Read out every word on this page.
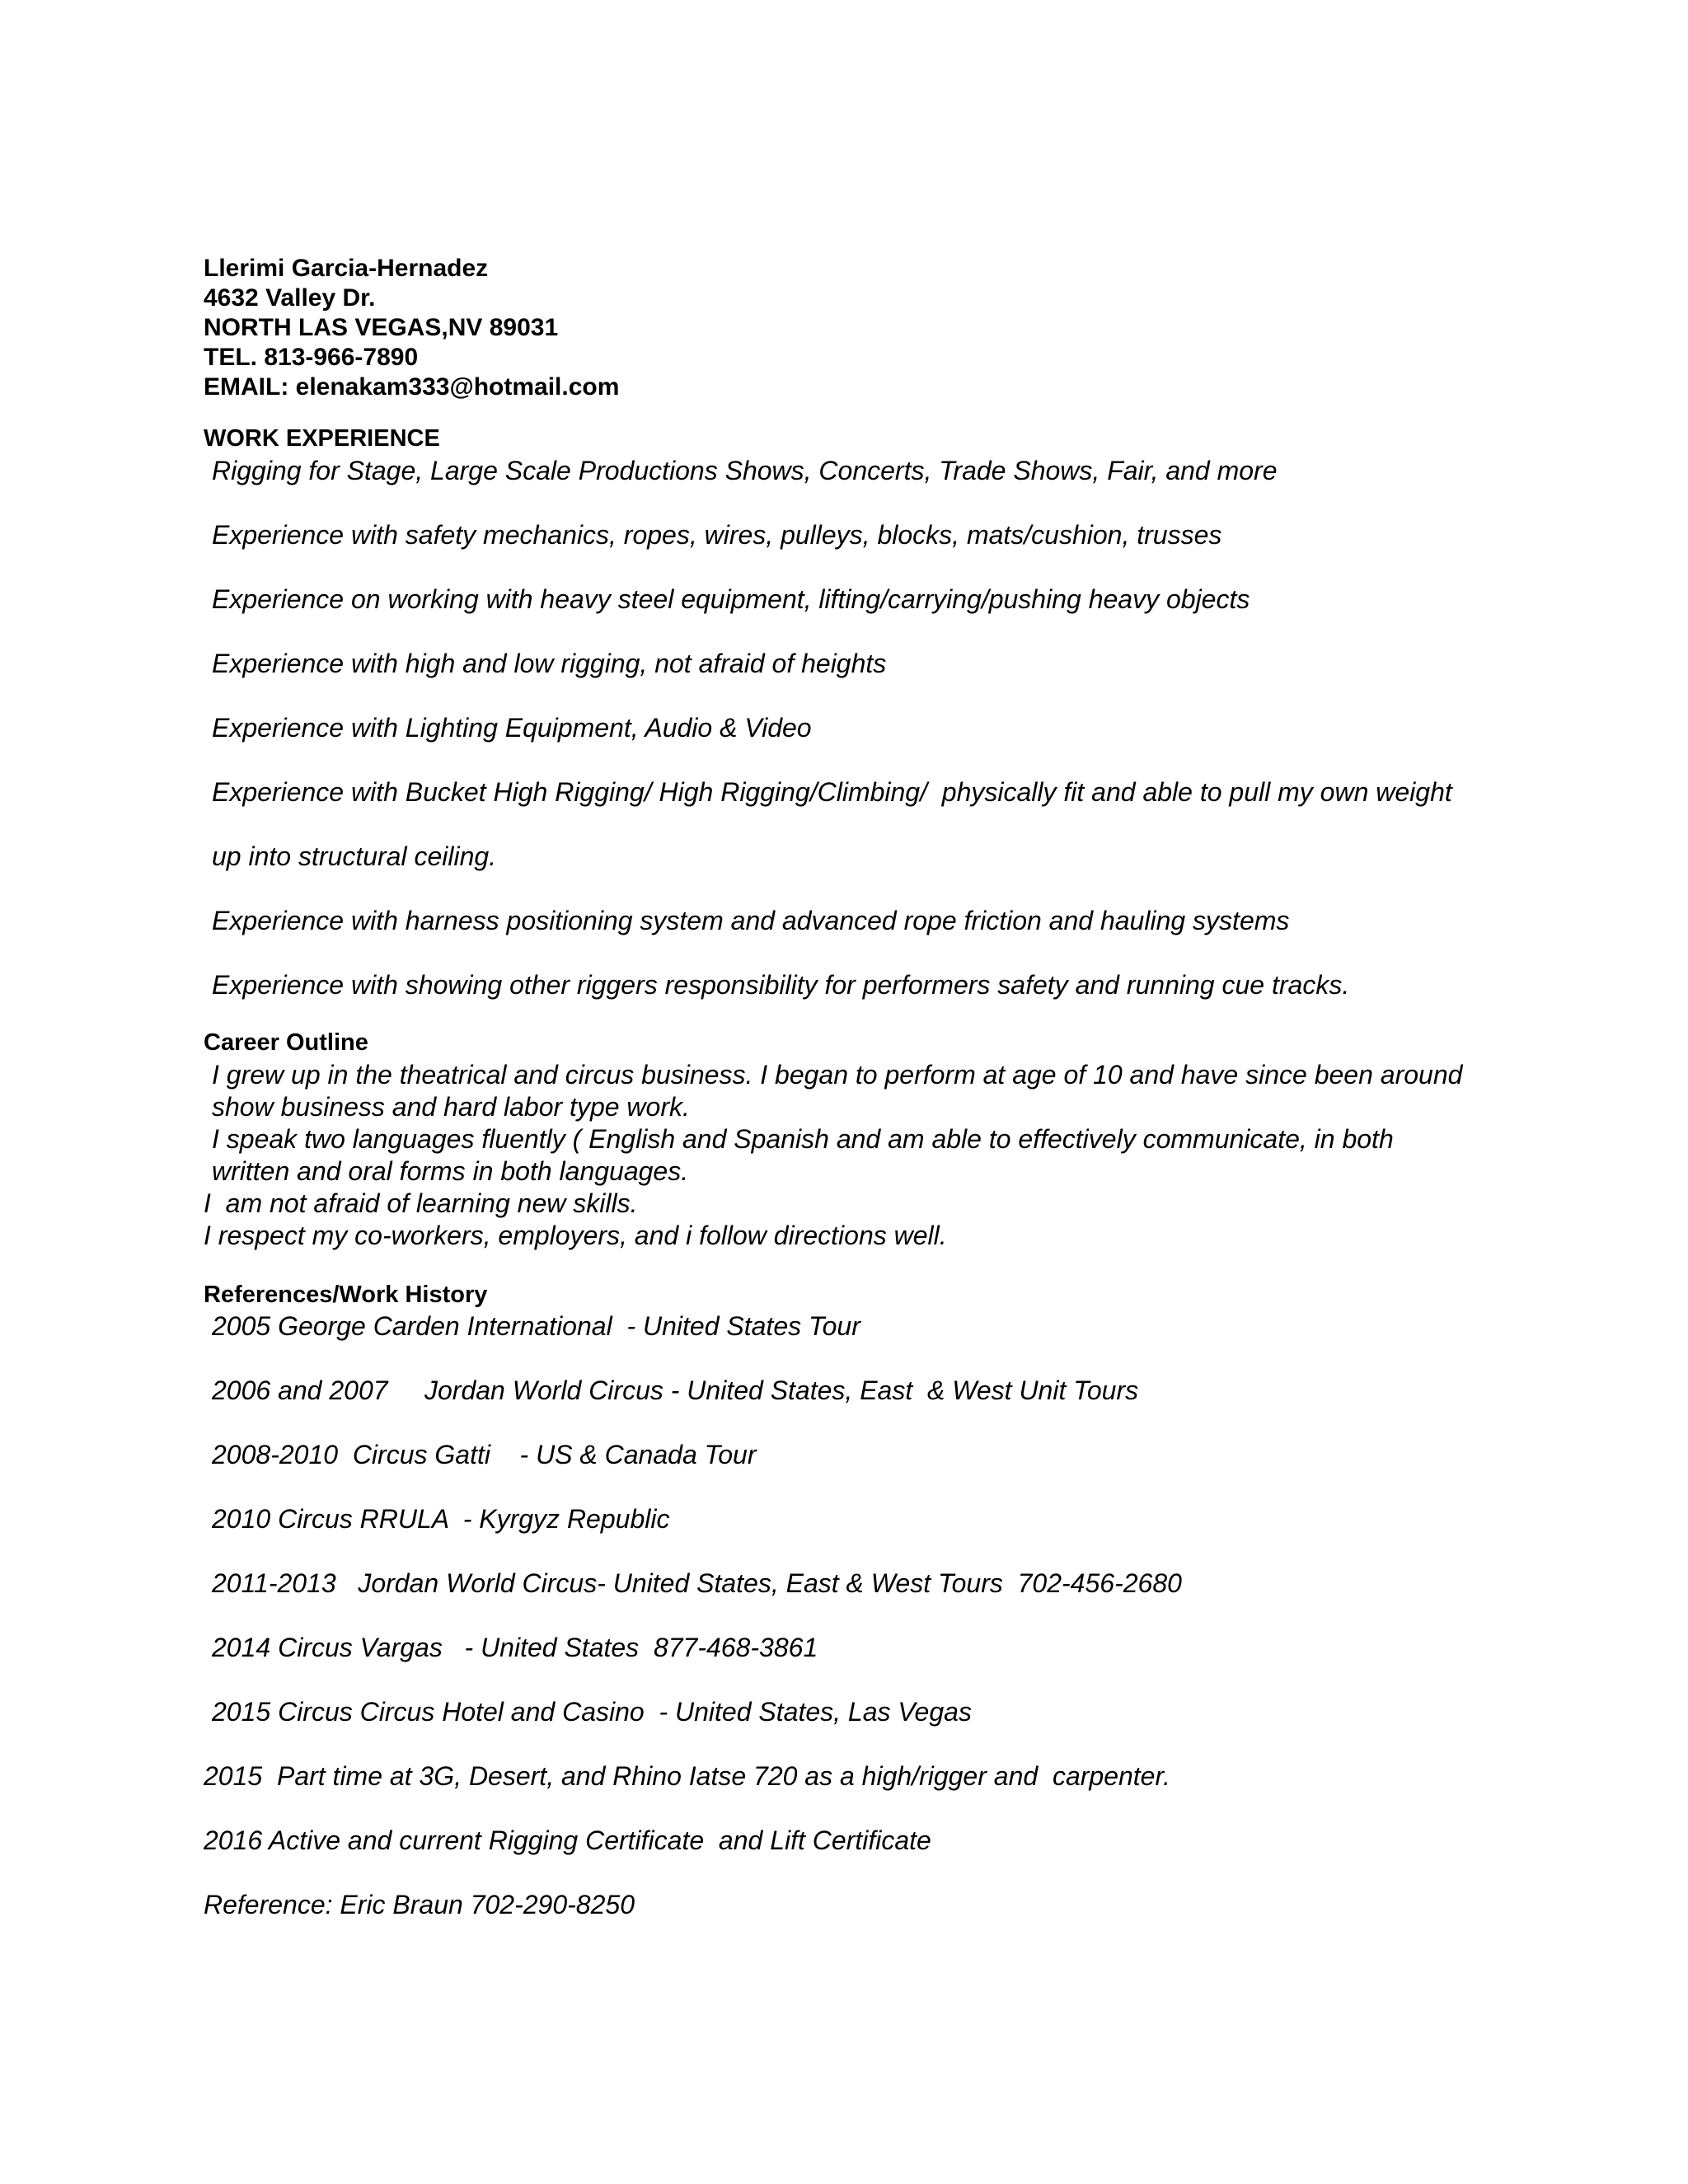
Llerimi Garcia-Hernadez
4632 Valley Dr.
NORTH LAS VEGAS,NV 89031
TEL. 813-966-7890
EMAIL: elenakam333@hotmail.com
WORK EXPERIENCE
Rigging for Stage, Large Scale Productions Shows, Concerts, Trade Shows, Fair, and more
Experience with safety mechanics, ropes, wires, pulleys, blocks, mats/cushion, trusses
Experience on working with heavy steel equipment, lifting/carrying/pushing heavy objects
Experience with high and low rigging, not afraid of heights
Experience with Lighting Equipment, Audio & Video
Experience with Bucket High Rigging/ High Rigging/Climbing/  physically fit and able to pull my own weight
up into structural ceiling.
Experience with harness positioning system and advanced rope friction and hauling systems
Experience with showing other riggers responsibility for performers safety and running cue tracks.
Career Outline
I grew up in the theatrical and circus business. I began to perform at age of 10 and have since been around
show business and hard labor type work.
I speak two languages fluently ( English and Spanish and am able to effectively communicate, in both
written and oral forms in both languages.
I  am not afraid of learning new skills.
I respect my co-workers, employers, and i follow directions well.
References/Work History
2005 George Carden International  - United States Tour
2006 and 2007     Jordan World Circus - United States, East  & West Unit Tours
2008-2010  Circus Gatti    - US & Canada Tour
2010 Circus RRULA  - Kyrgyz Republic
2011-2013   Jordan World Circus- United States, East & West Tours  702-456-2680
2014 Circus Vargas   - United States  877-468-3861
2015 Circus Circus Hotel and Casino  - United States, Las Vegas
2015  Part time at 3G, Desert, and Rhino Iatse 720 as a high/rigger and  carpenter.
2016 Active and current Rigging Certificate  and Lift Certificate
Reference: Eric Braun 702-290-8250
